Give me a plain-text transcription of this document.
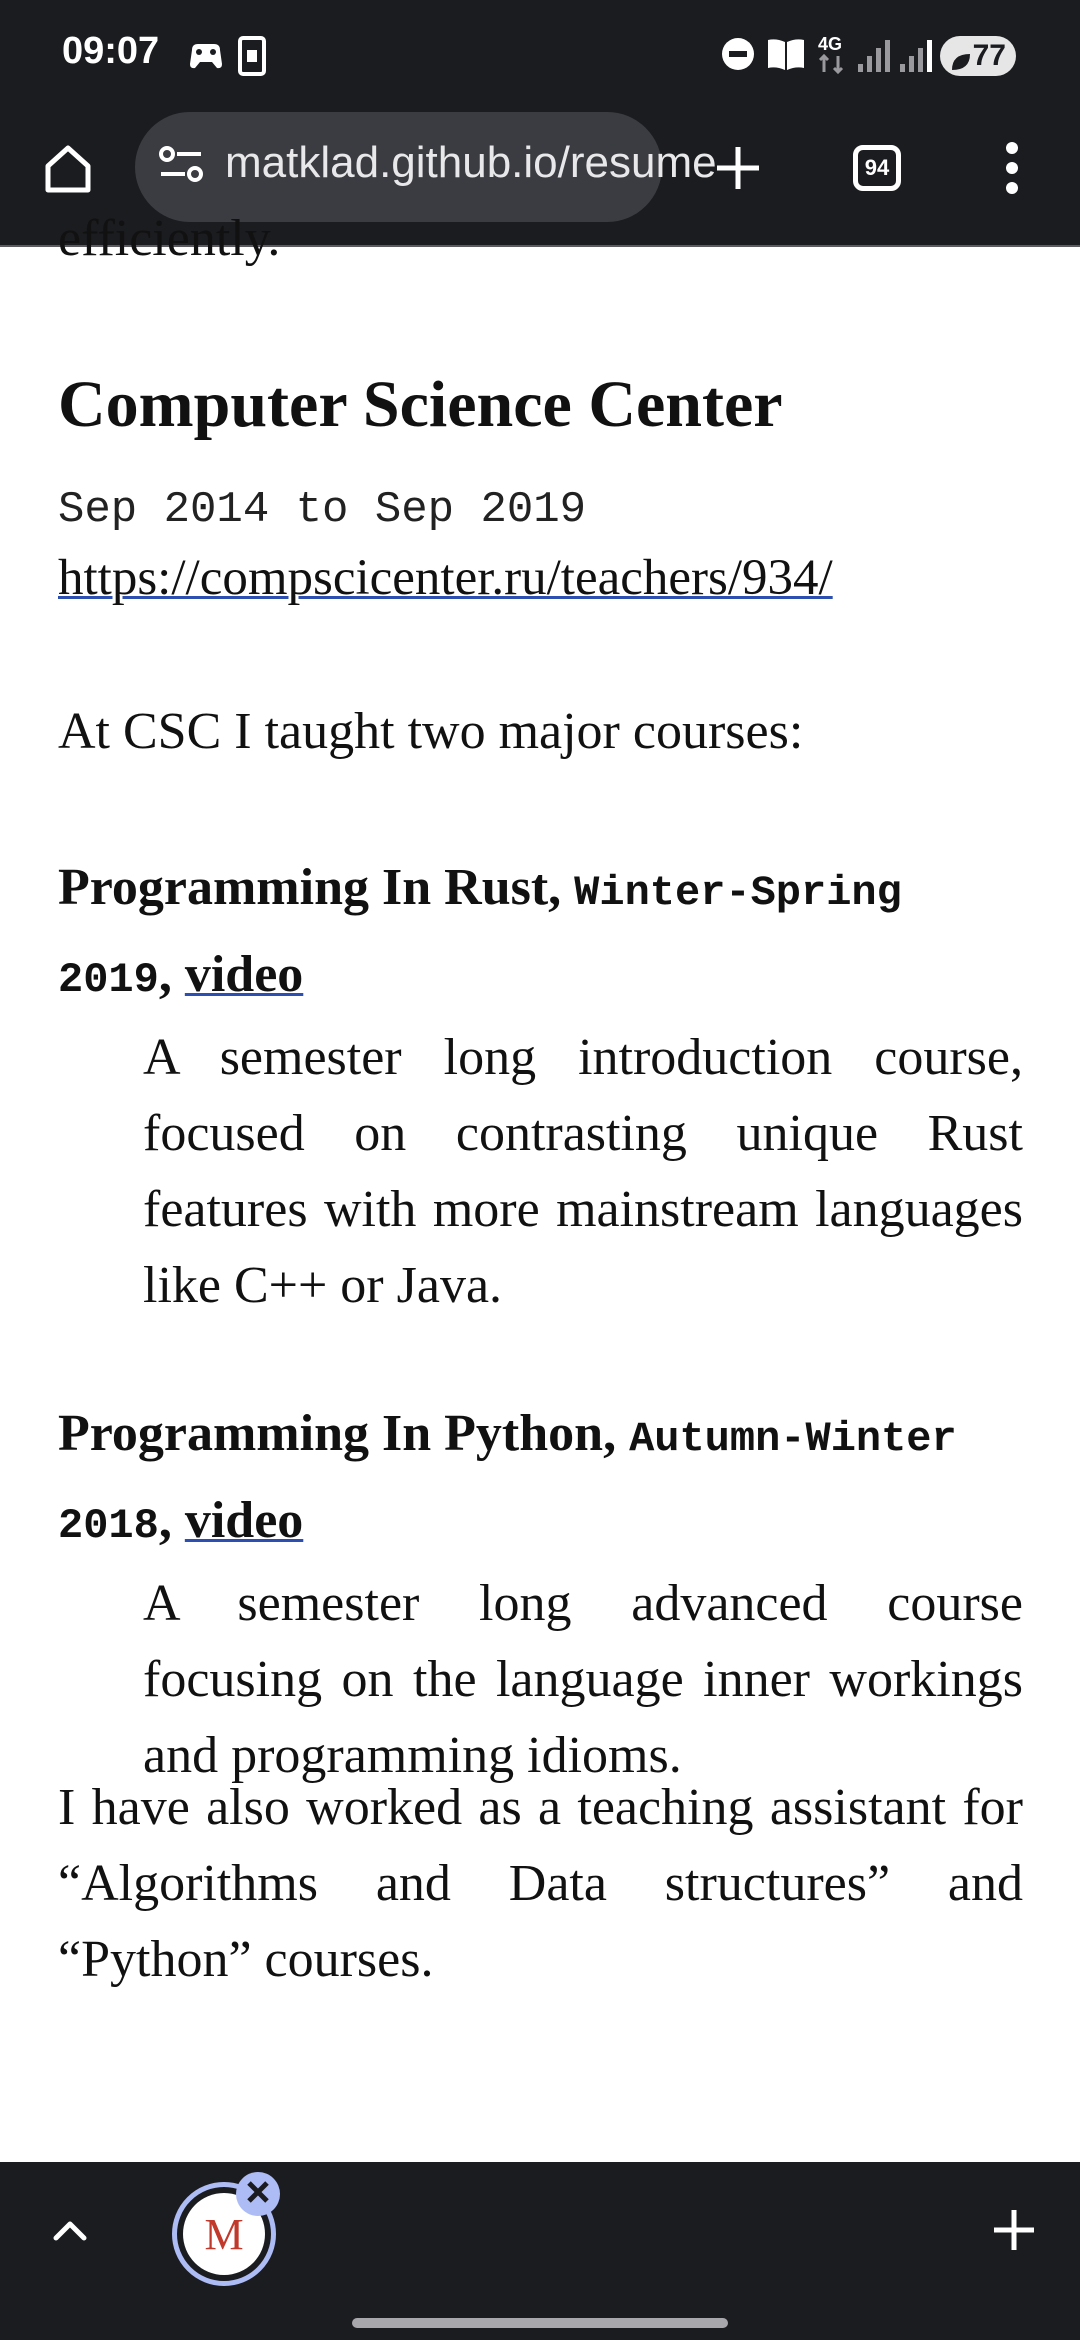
09:07	4G	77
matklad.github.io/resume	94
efficiently.
Computer Science Center
Sep 2014 to Sep 2019
https://compscicenter.ru/teachers/934/

At CSC I taught two major courses:

Programming In Rust, Winter-Spring 2019, video

A semester long introduction course, focused on contrasting unique Rust features with more mainstream languages like C++ or Java.

Programming In Python, Autumn-Winter 2018, video

A semester long advanced course focusing on the language inner workings and programming idioms.

I have also worked as a teaching assistant for “Algorithms and Data structures” and “Python” courses.

M
